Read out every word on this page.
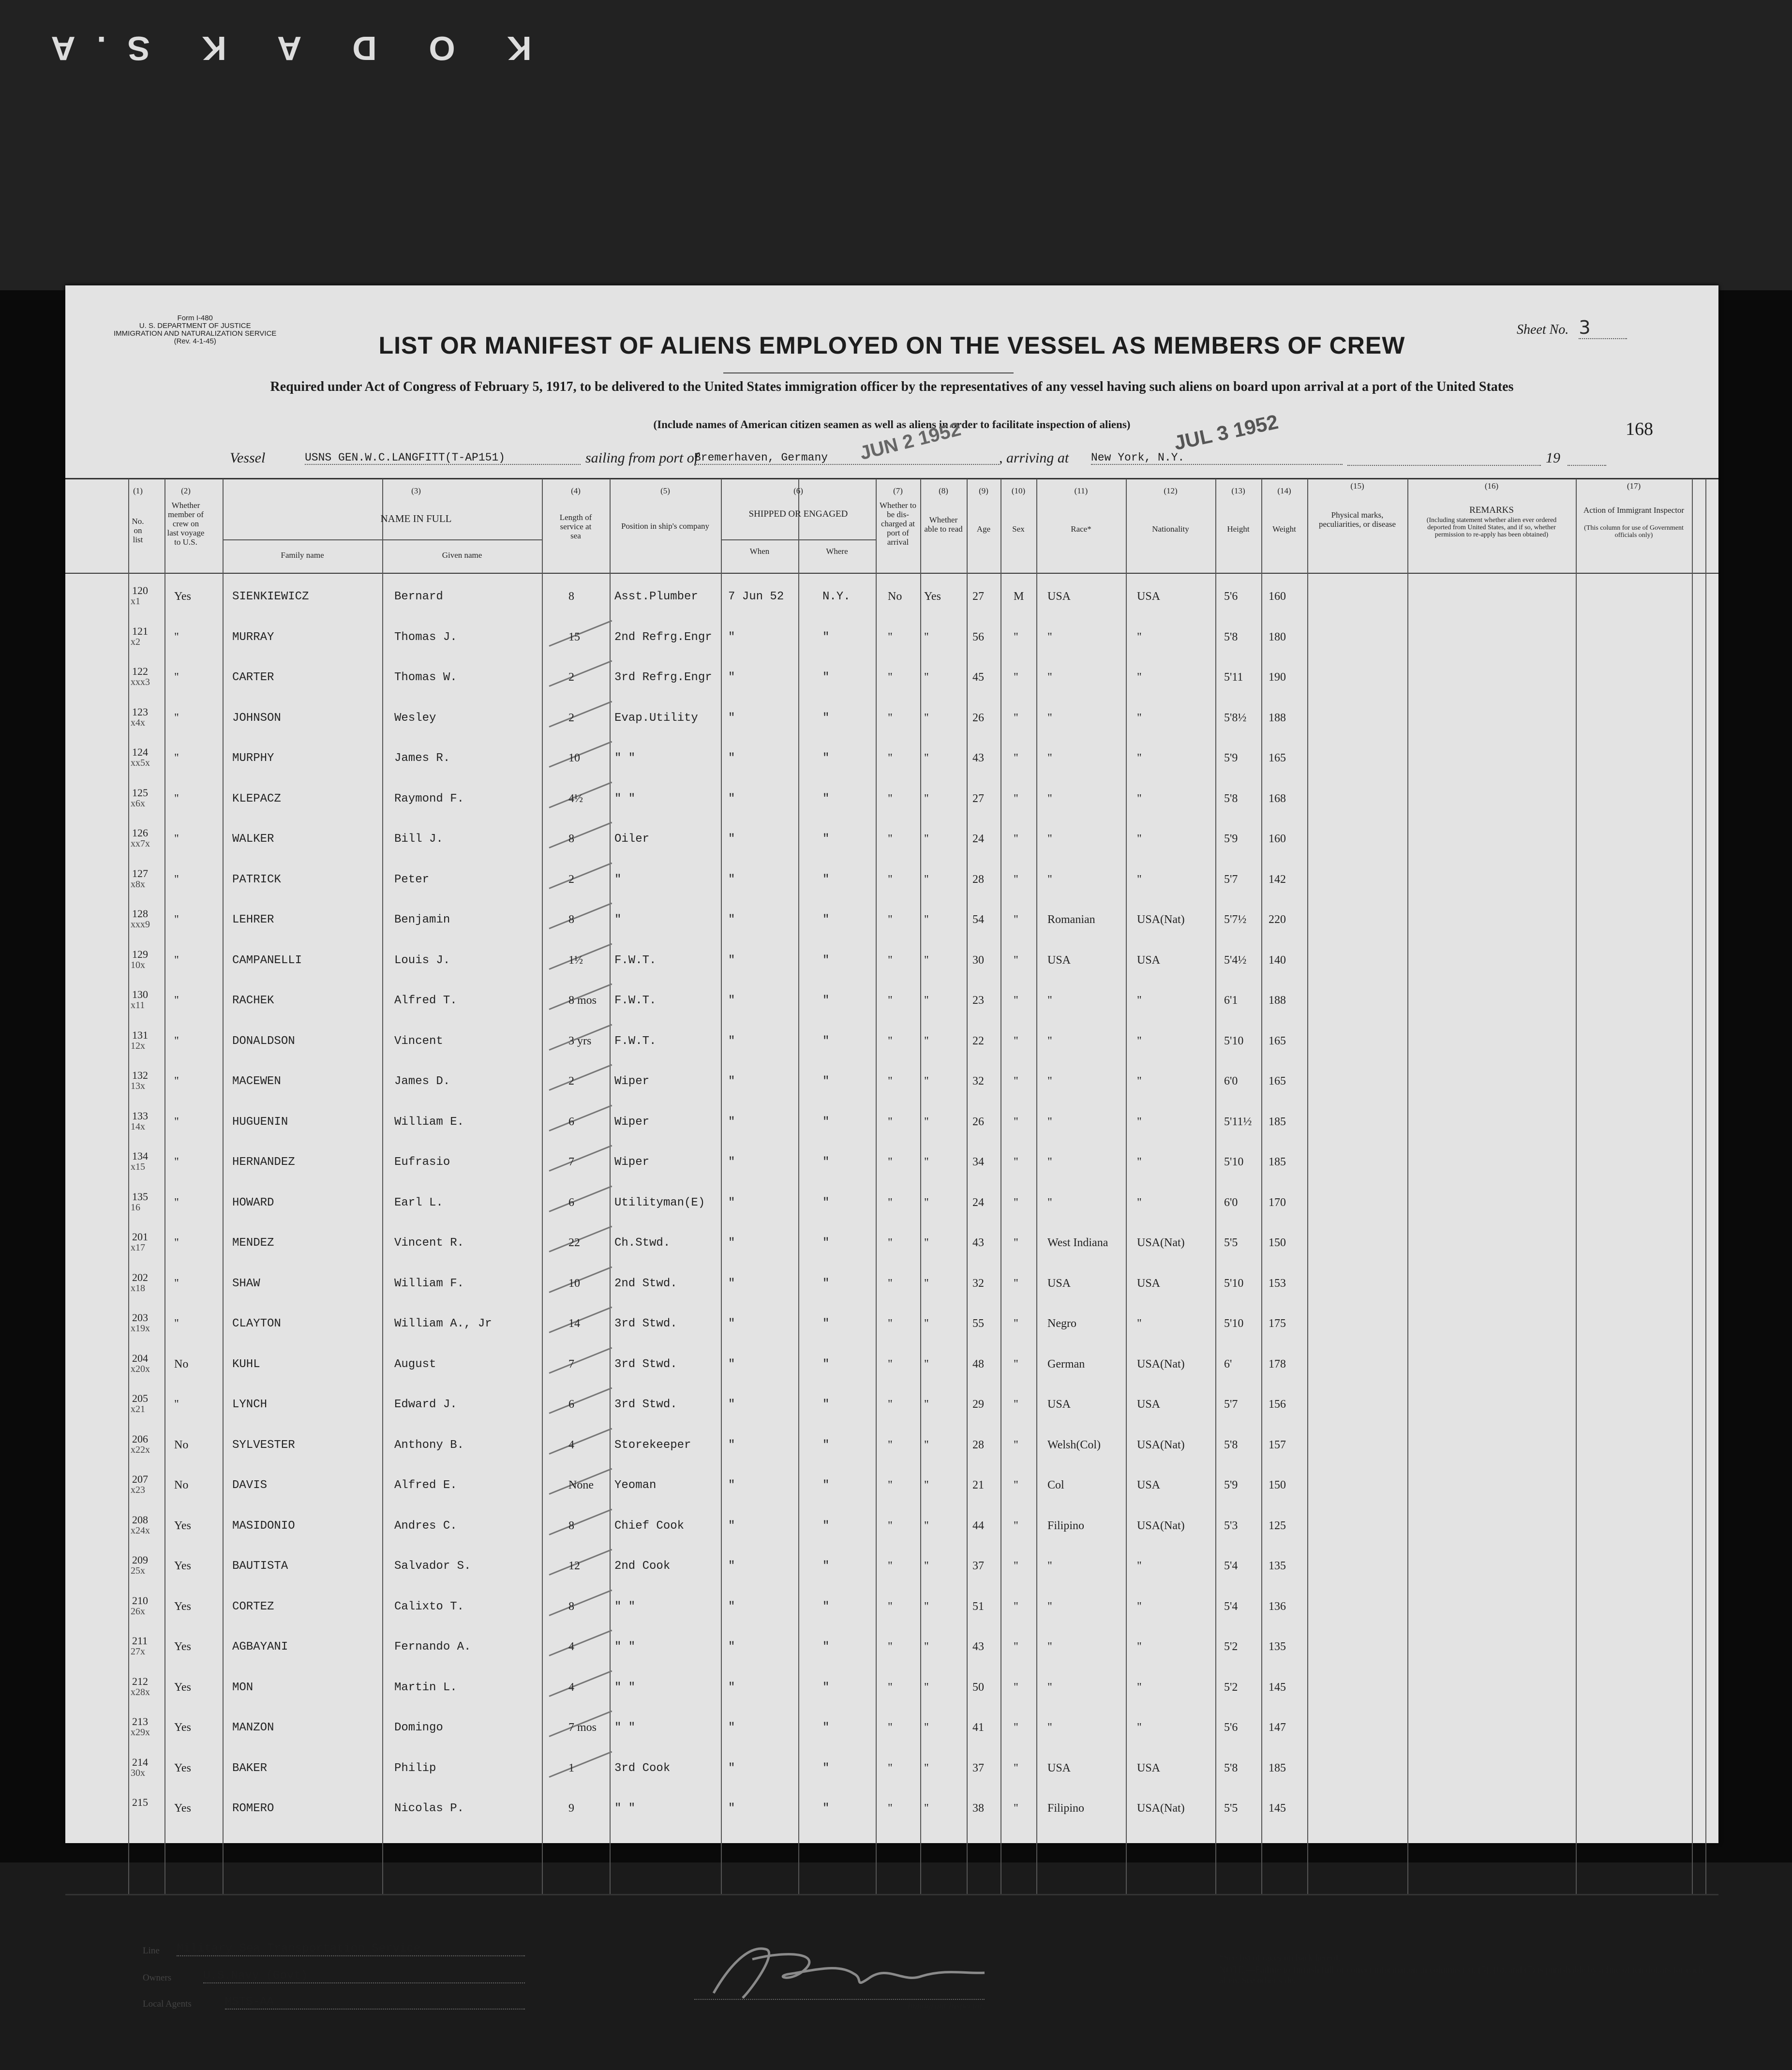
K O D A K S.A
Form I-480
U. S. DEPARTMENT OF JUSTICE
IMMIGRATION AND NATURALIZATION SERVICE
(Rev. 4-1-45)
Sheet No. 3
LIST OR MANIFEST OF ALIENS EMPLOYED ON THE VESSEL AS MEMBERS OF CREW
Required under Act of Congress of February 5, 1917, to be delivered to the United States immigration officer by the representatives of any vessel having such aliens on board upon arrival at a port of the United States
(Include names of American citizen seamen as well as aliens in order to facilitate inspection of aliens)	168
Vessel	USNS GEN.W.C.LANGFITT(T-AP151)	sailing from port of
Bremerhaven, Germany	, arriving at New York, N.Y.	19
JUN 2 1952	JUL 3 1952
(1)
No. on list
(2)
Whether member of crew on last voyage to U.S.
(3)
NAME IN FULL
Family name	Given name
(4)
Length of service at sea
(5)
Position in ship's company
(6)
SHIPPED OR ENGAGED
When	Where
(7)
Whether to be dis-charged at port of arrival
(8)
Whether able to read
(9)
Age
(10)
Sex
(11)
Race*
(12)
Nationality
(13)
Height
(14)
Weight
(15)
Physical marks, peculiarities, or disease
(16)
REMARKS
(Including statement whether alien ever ordered deported from United States, and if so, whether permission to re-apply has been obtained)
(17)
Action of Immigrant Inspector
(This column for use of Government officials only)
120
x1	Yes	SIENKIEWICZ	Bernard	8	Asst.Plumber	7 Jun 52	N.Y.	No Yes	27	M USA	USA	5'6	160
121
x2	"	MURRAY	Thomas J.	15	2nd Refrg.Engr "	"	"	"	56	"	"	"	5'8	180
122
xxx3 "	CARTER	Thomas W.	2	3rd Refrg.Engr "	"	"	"	45	"	"	"	5'11 190
123
x4x	"	JOHNSON	Wesley	2	Evap.Utility	"	"	"	"	26	"	"	"	5'8½ 188
124
xx5x "	MURPHY	James R.	10	" "	"	"	"	"	43	"	"	"	5'9	165
125
x6x	"	KLEPACZ	Raymond F.	4½	" "	"	"	"	"	27	"	"	"	5'8	168
126
xx7x "	WALKER	Bill J.	8	Oiler	"	"	"	"	24	"	"	"	5'9	160
127
x8x	"	PATRICK	Peter	2	"	"	"	"	"	28	"	"	"	5'7	142
128
xxx9 "	LEHRER	Benjamin	8	"	"	"	"	"	54	"	Romanian	USA(Nat)	5'7½ 220
129
10x	"	CAMPANELLI	Louis J.	1½	F.W.T.	"	"	"	"	30	"	USA	USA	5'4½ 140
130
x11	"	RACHEK	Alfred T.	8 mos F.W.T.	"	"	"	"	23	"	"	"	6'1	188
131
12x	"	DONALDSON	Vincent	3 yrs F.W.T.	"	"	"	"	22	"	"	"	5'10 165
132
13x	"	MACEWEN	James D.	2	Wiper	"	"	"	"	32	"	"	"	6'0	165
133
14x	"	HUGUENIN	William E.	6	Wiper	"	"	"	"	26	"	"	"	5'11½ 185
134
x15	"	HERNANDEZ	Eufrasio	7	Wiper	"	"	"	"	34	"	"	"	5'10 185
135
16	"	HOWARD	Earl L.	6	Utilityman(E) "	"	"	"	24	"	"	"	6'0	170
201
x17	"	MENDEZ	Vincent R.	22	Ch.Stwd.	"	"	"	"	43	"	West Indiana USA(Nat)	5'5	150
202
x18	"	SHAW	William F.	10	2nd Stwd.	"	"	"	"	32	"	USA	USA	5'10 153
203
x19x "	CLAYTON	William A., Jr	14	3rd Stwd.	"	"	"	"	55	"	Negro	"	5'10 175
204
x20x No	KUHL	August	7	3rd Stwd.	"	"	"	"	48	"	German	USA(Nat)	6'	178
205
x21	"	LYNCH	Edward J.	6	3rd Stwd.	"	"	"	"	29	"	USA	USA	5'7	156
206
x22x No	SYLVESTER	Anthony B.	4	Storekeeper	"	"	"	"	28	"	Welsh(Col)	USA(Nat)	5'8	157
207
x23	No	DAVIS	Alfred E.	None Yeoman	"	"	"	"	21	"	Col	USA	5'9	150
208
x24x Yes	MASIDONIO	Andres C.	8	Chief Cook	"	"	"	"	44	"	Filipino	USA(Nat)	5'3	125
209
25x	Yes	BAUTISTA	Salvador S.	12	2nd Cook	"	"	"	"	37	"	"	"	5'4	135
210
26x	Yes	CORTEZ	Calixto T.	8	" "	"	"	"	"	51	"	"	"	5'4	136
211
27x	Yes	AGBAYANI	Fernando A.	4	" "	"	"	"	"	43	"	"	"	5'2	135
212
x28x Yes	MON	Martin L.	4	" "	"	"	"	"	50	"	"	"	5'2	145
213
x29x Yes	MANZON	Domingo	7 mos " "	"	"	"	"	41	"	"	"	5'6	147
214
30x	Yes	BAKER	Philip	1	3rd Cook	"	"	"	"	37	"	USA	USA	5'8	185
215 Yes	ROMERO	Nicolas P.	9	" "	"	"	"	"	38	"	Filipino	USA(Nat)	5'5	145
Line Military Sea Transportation Service
Owners	U.S.Navy (Govt)
Local Agents	MSTS-AA	Immigrant Inspector.
*See list of races on back hereof.
NOTE.—Failure to furnish full or correct information in columns (3), (5), (6), and (7) is punishable by a fine of ten dollars for each alien. See other side.
